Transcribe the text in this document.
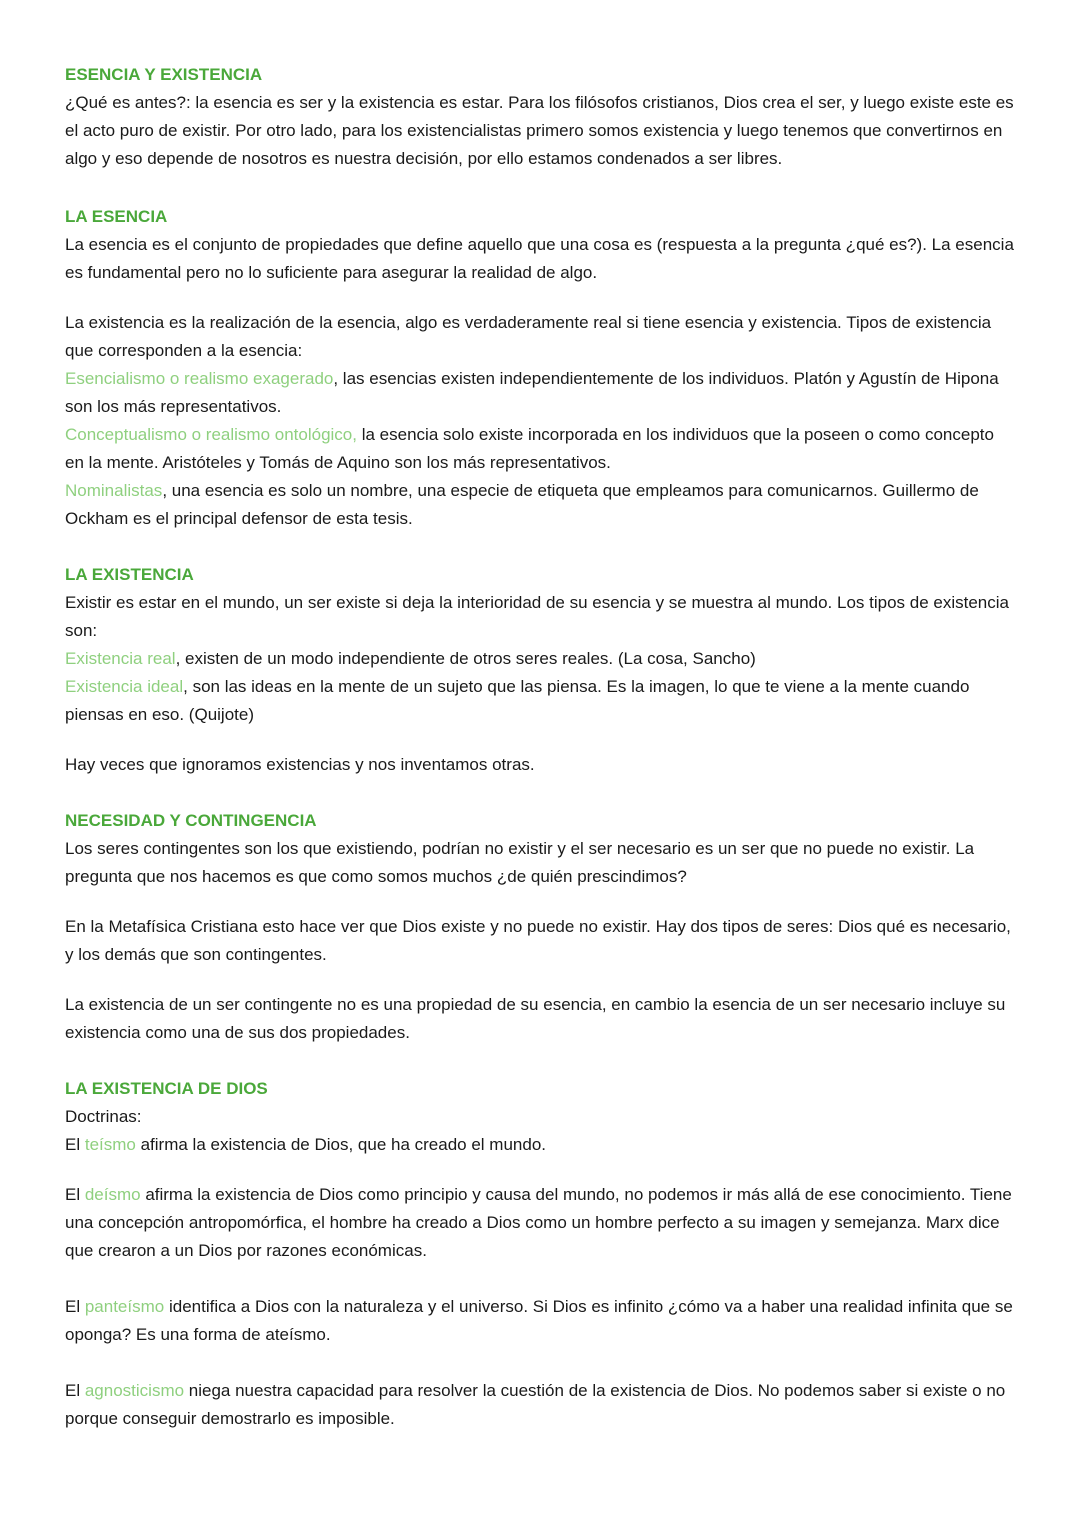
ESENCIA Y EXISTENCIA

¿Qué es antes?: la esencia es ser y la existencia es estar. Para los filósofos cristianos, Dios crea el ser, y luego existe este es el acto puro de existir. Por otro lado, para los existencialistas primero somos existencia y luego tenemos que convertirnos en algo y eso depende de nosotros es nuestra decisión, por ello estamos condenados a ser libres.

LA ESENCIA

La esencia es el conjunto de propiedades que define aquello que una cosa es (respuesta a la pregunta ¿qué es?). La esencia es fundamental pero no lo suficiente para asegurar la realidad de algo.

La existencia es la realización de la esencia, algo es verdaderamente real si tiene esencia y existencia. Tipos de existencia que corresponden a la esencia:

Esencialismo o realismo exagerado, las esencias existen independientemente de los individuos. Platón y Agustín de Hipona son los más representativos.

Conceptualismo o realismo ontológico, la esencia solo existe incorporada en los individuos que la poseen o como concepto en la mente. Aristóteles y Tomás de Aquino son los más representativos.

Nominalistas, una esencia es solo un nombre, una especie de etiqueta que empleamos para comunicarnos. Guillermo de Ockham es el principal defensor de esta tesis.

LA EXISTENCIA

Existir es estar en el mundo, un ser existe si deja la interioridad de su esencia y se muestra al mundo. Los tipos de existencia son:

Existencia real, existen de un modo independiente de otros seres reales. (La cosa, Sancho)

Existencia ideal, son las ideas en la mente de un sujeto que las piensa. Es la imagen, lo que te viene a la mente cuando piensas en eso. (Quijote)

Hay veces que ignoramos existencias y nos inventamos otras.

NECESIDAD Y CONTINGENCIA

Los seres contingentes son los que existiendo, podrían no existir y el ser necesario es un ser que no puede no existir. La pregunta que nos hacemos es que como somos muchos ¿de quién prescindimos?

En la Metafísica Cristiana esto hace ver que Dios existe y no puede no existir. Hay dos tipos de seres: Dios qué es necesario, y los demás que son contingentes.

La existencia de un ser contingente no es una propiedad de su esencia, en cambio la esencia de un ser necesario incluye su existencia como una de sus dos propiedades.

LA EXISTENCIA DE DIOS

Doctrinas:

El teísmo afirma la existencia de Dios, que ha creado el mundo.

El deísmo afirma la existencia de Dios como principio y causa del mundo, no podemos ir más allá de ese conocimiento. Tiene una concepción antropomórfica, el hombre ha creado a Dios como un hombre perfecto a su imagen y semejanza. Marx dice que crearon a un Dios por razones económicas.

El panteísmo identifica a Dios con la naturaleza y el universo. Si Dios es infinito ¿cómo va a haber una realidad infinita que se oponga? Es una forma de ateísmo.

El agnosticismo niega nuestra capacidad para resolver la cuestión de la existencia de Dios. No podemos saber si existe o no porque conseguir demostrarlo es imposible.
